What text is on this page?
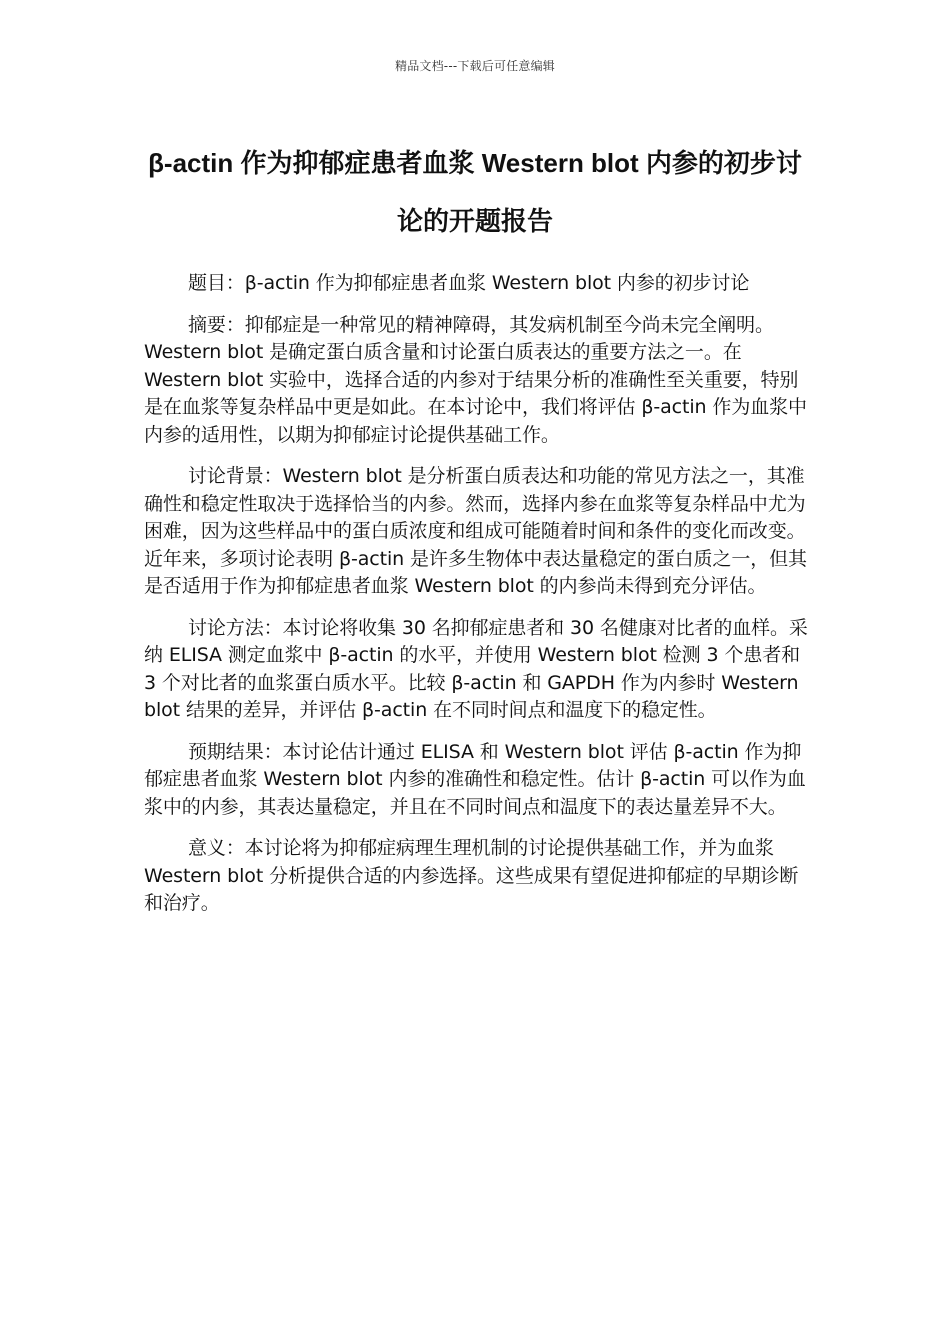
精品文档---下载后可任意编辑
β-actin 作为抑郁症患者血浆 Western blot 内参的初步讨论的开题报告

题目：β-actin 作为抑郁症患者血浆 Western blot 内参的初步讨论

摘要：抑郁症是一种常见的精神障碍，其发病机制至今尚未完全阐明。Western blot 是确定蛋白质含量和讨论蛋白质表达的重要方法之一。在 Western blot 实验中，选择合适的内参对于结果分析的准确性至关重要，特别是在血浆等复杂样品中更是如此。在本讨论中，我们将评估 β-actin 作为血浆中内参的适用性，以期为抑郁症讨论提供基础工作。

讨论背景：Western blot 是分析蛋白质表达和功能的常见方法之一，其准确性和稳定性取决于选择恰当的内参。然而，选择内参在血浆等复杂样品中尤为困难，因为这些样品中的蛋白质浓度和组成可能随着时间和条件的变化而改变。近年来，多项讨论表明 β-actin 是许多生物体中表达量稳定的蛋白质之一，但其是否适用于作为抑郁症患者血浆 Western blot 的内参尚未得到充分评估。

讨论方法：本讨论将收集 30 名抑郁症患者和 30 名健康对比者的血样。采纳 ELISA 测定血浆中 β-actin 的水平，并使用 Western blot 检测 3 个患者和 3 个对比者的血浆蛋白质水平。比较 β-actin 和 GAPDH 作为内参时 Western blot 结果的差异，并评估 β-actin 在不同时间点和温度下的稳定性。

预期结果：本讨论估计通过 ELISA 和 Western blot 评估 β-actin 作为抑郁症患者血浆 Western blot 内参的准确性和稳定性。估计 β-actin 可以作为血浆中的内参，其表达量稳定，并且在不同时间点和温度下的表达量差异不大。

意义：本讨论将为抑郁症病理生理机制的讨论提供基础工作，并为血浆 Western blot 分析提供合适的内参选择。这些成果有望促进抑郁症的早期诊断和治疗。
